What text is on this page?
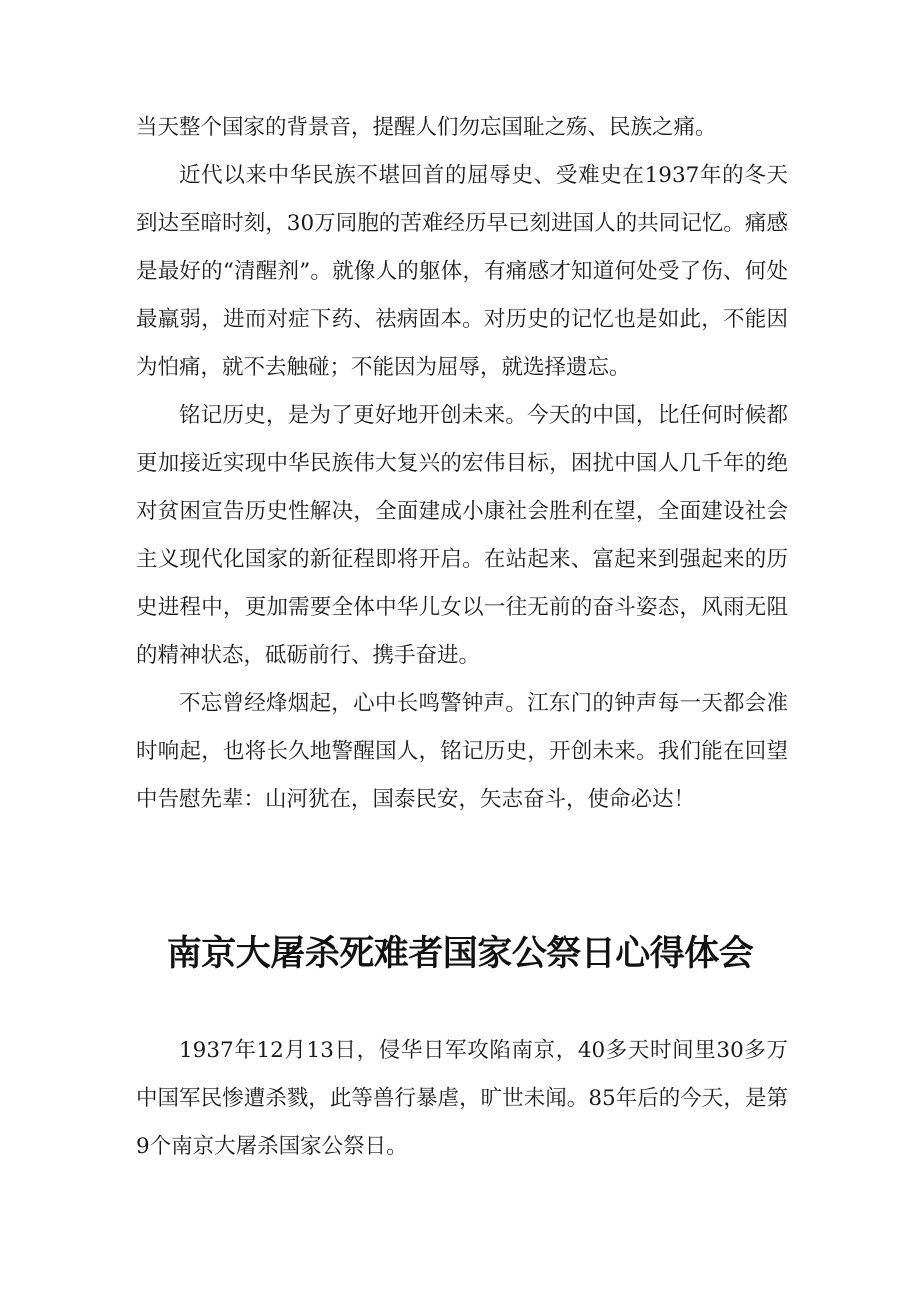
当天整个国家的背景音，提醒人们勿忘国耻之殇、民族之痛。

近代以来中华民族不堪回首的屈辱史、受难史在1937年的冬天到达至暗时刻，30万同胞的苦难经历早已刻进国人的共同记忆。痛感是最好的“清醒剂”。就像人的躯体，有痛感才知道何处受了伤、何处最羸弱，进而对症下药、祛病固本。对历史的记忆也是如此，不能因为怕痛，就不去触碰；不能因为屈辱，就选择遗忘。

铭记历史，是为了更好地开创未来。今天的中国，比任何时候都更加接近实现中华民族伟大复兴的宏伟目标，困扰中国人几千年的绝对贫困宣告历史性解决，全面建成小康社会胜利在望，全面建设社会主义现代化国家的新征程即将开启。在站起来、富起来到强起来的历史进程中，更加需要全体中华儿女以一往无前的奋斗姿态，风雨无阻的精神状态，砥砺前行、携手奋进。

不忘曾经烽烟起，心中长鸣警钟声。江东门的钟声每一天都会准时响起，也将长久地警醒国人，铭记历史，开创未来。我们能在回望中告慰先辈：山河犹在，国泰民安，矢志奋斗，使命必达！

南京大屠杀死难者国家公祭日心得体会

1937年12月13日，侵华日军攻陷南京，40多天时间里30多万中国军民惨遭杀戮，此等兽行暴虐，旷世未闻。85年后的今天，是第9个南京大屠杀国家公祭日。
